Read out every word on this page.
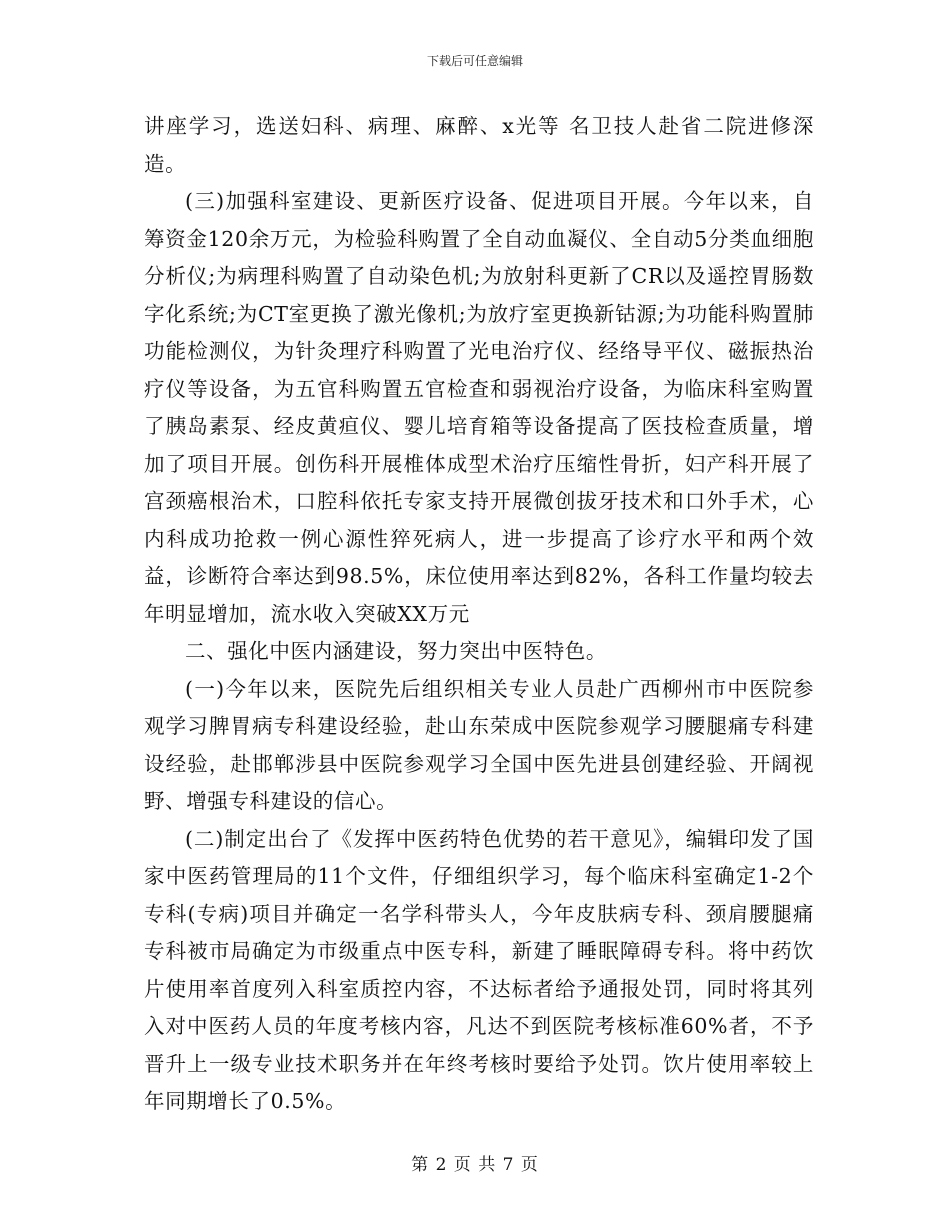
下载后可任意编辑

讲座学习，选送妇科、病理、麻醉、x光等 名卫技人赴省二院进修深造。

(三)加强科室建设、更新医疗设备、促进项目开展。今年以来，自筹资金120余万元，为检验科购置了全自动血凝仪、全自动5分类血细胞分析仪;为病理科购置了自动染色机;为放射科更新了CR以及遥控胃肠数字化系统;为CT室更换了激光像机;为放疗室更换新钴源;为功能科购置肺功能检测仪，为针灸理疗科购置了光电治疗仪、经络导平仪、磁振热治疗仪等设备，为五官科购置五官检查和弱视治疗设备，为临床科室购置了胰岛素泵、经皮黄疸仪、婴儿培育箱等设备提高了医技检查质量，增加了项目开展。创伤科开展椎体成型术治疗压缩性骨折，妇产科开展了宫颈癌根治术，口腔科依托专家支持开展微创拔牙技术和口外手术，心内科成功抢救一例心源性猝死病人，进一步提高了诊疗水平和两个效益，诊断符合率达到98.5%，床位使用率达到82%，各科工作量均较去年明显增加，流水收入突破XX万元

二、强化中医内涵建设，努力突出中医特色。

(一)今年以来，医院先后组织相关专业人员赴广西柳州市中医院参观学习脾胃病专科建设经验，赴山东荣成中医院参观学习腰腿痛专科建设经验，赴邯郸涉县中医院参观学习全国中医先进县创建经验、开阔视野、增强专科建设的信心。

(二)制定出台了《发挥中医药特色优势的若干意见》，编辑印发了国家中医药管理局的11个文件，仔细组织学习，每个临床科室确定1-2个专科(专病)项目并确定一名学科带头人，今年皮肤病专科、颈肩腰腿痛专科被市局确定为市级重点中医专科，新建了睡眠障碍专科。将中药饮片使用率首度列入科室质控内容，不达标者给予通报处罚，同时将其列入对中医药人员的年度考核内容，凡达不到医院考核标准60%者，不予晋升上一级专业技术职务并在年终考核时要给予处罚。饮片使用率较上年同期增长了0.5%。

第 2 页 共 7 页
